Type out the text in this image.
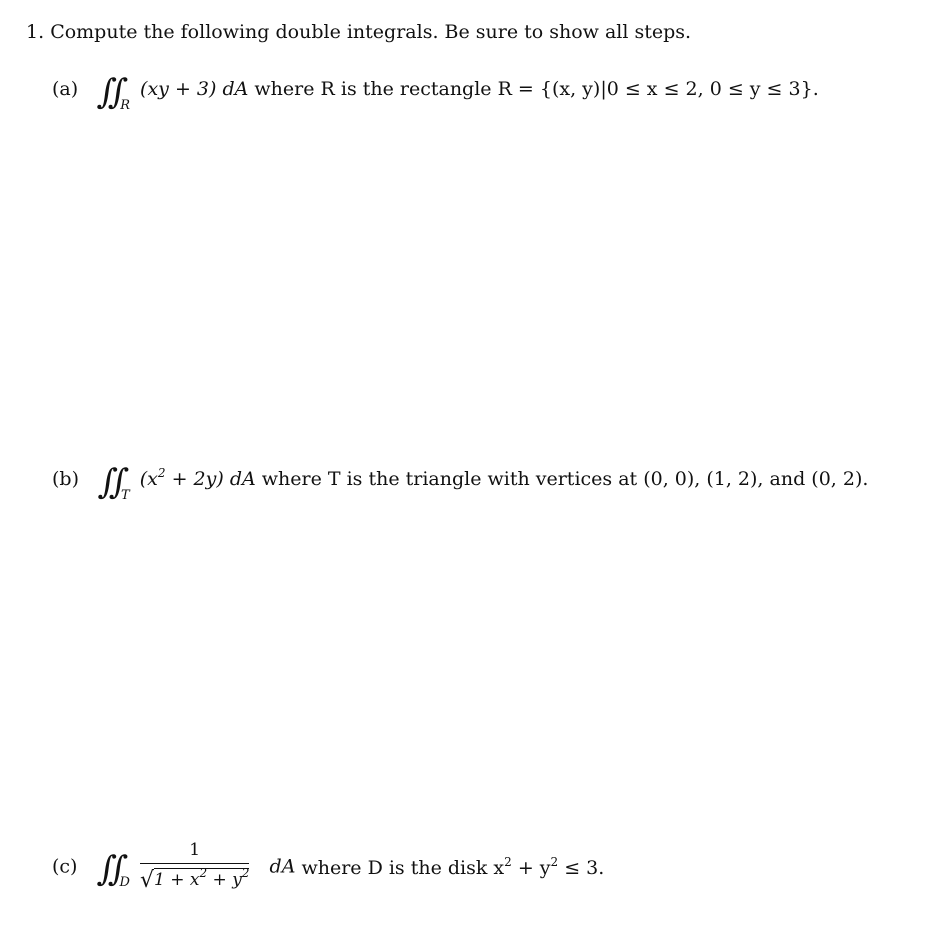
1. Compute the following double integrals. Be sure to show all steps.
(a) ∬ R (xy + 3) dA where R is the rectangle R = {(x, y)|0 ≤ x ≤ 2, 0 ≤ y ≤ 3}.
(b) ∬ T $(x^2 + 2y)$ dA where T is the triangle with vertices at (0, 0), (1, 2), and (0, 2).
(c) ∬ D $\frac{1}{√1 + x^2 + y^2}$ dA where D is the disk $x^2 + y^2 \le 3$.
